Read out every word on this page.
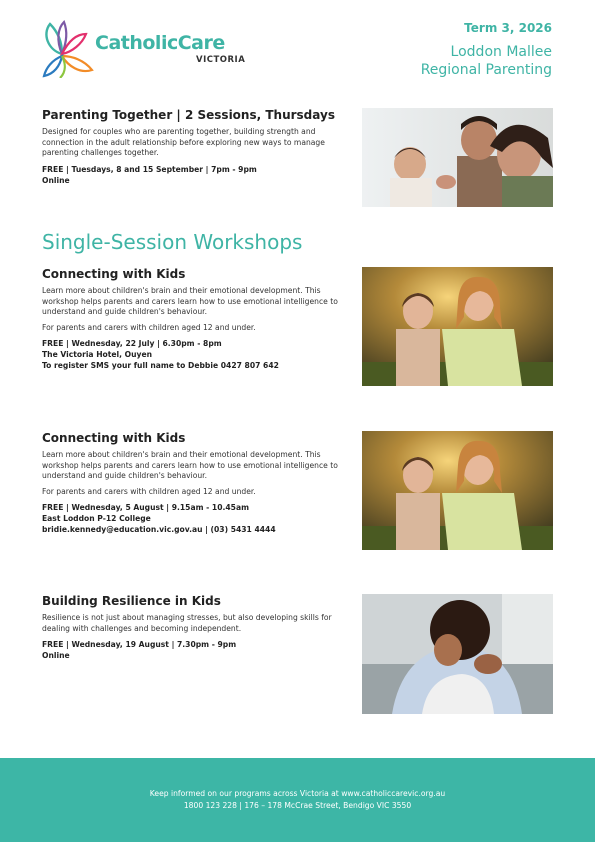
CatholicCare
VICTORIA
Term 3, 2026
Loddon Mallee
Regional Parenting
Parenting Together | 2 Sessions, Thursdays

Designed for couples who are parenting together, building strength and connection in the adult relationship before exploring new ways to manage parenting challenges together.

FREE | Tuesdays, 8 and 15 September | 7pm - 9pm
Online
Single-Session Workshops
Connecting with Kids

Learn more about children's brain and their emotional development. This workshop helps parents and carers learn how to use emotional intelligence to understand and guide children's behaviour.

For parents and carers with children aged 12 and under.

FREE | Wednesday, 22 July | 6.30pm - 8pm
The Victoria Hotel, Ouyen
To register SMS your full name to Debbie 0427 807 642
Connecting with Kids

Learn more about children's brain and their emotional development. This workshop helps parents and carers learn how to use emotional intelligence to understand and guide children's behaviour.

For parents and carers with children aged 12 and under.

FREE | Wednesday, 5 August | 9.15am - 10.45am
East Loddon P-12 College
bridie.kennedy@education.vic.gov.au | (03) 5431 4444
Building Resilience in Kids

Resilience is not just about managing stresses, but also developing skills for dealing with challenges and becoming independent.

FREE | Wednesday, 19 August | 7.30pm - 9pm
Online

Keep informed on our programs across Victoria at www.catholiccarevic.org.au

1800 123 228 | 176 – 178 McCrae Street, Bendigo VIC 3550
